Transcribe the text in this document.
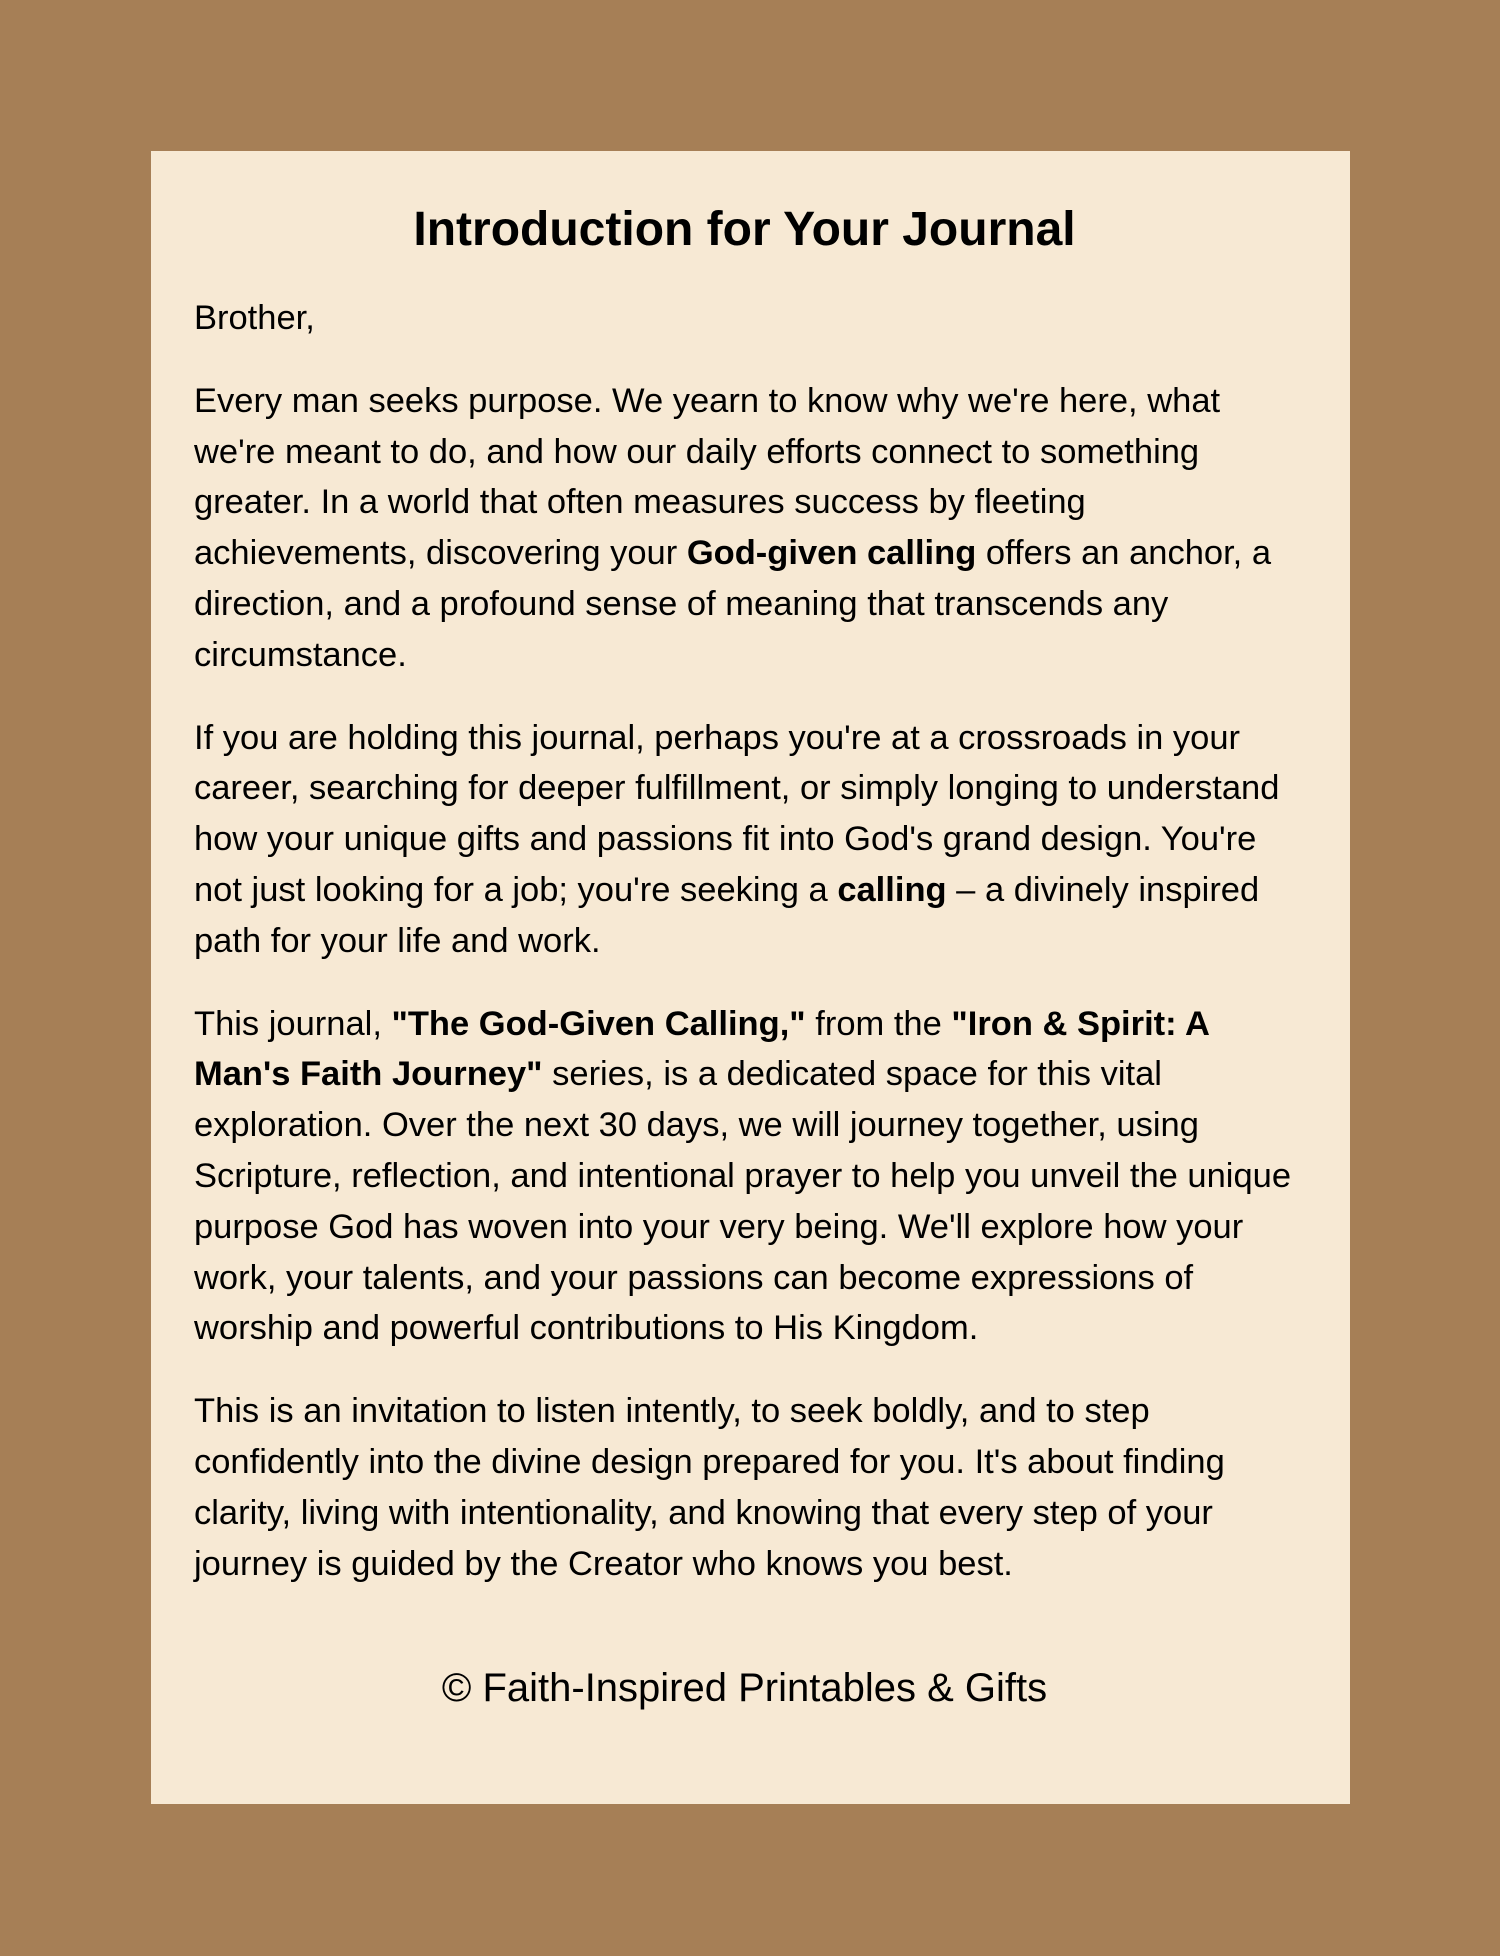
Introduction for Your Journal

Brother,

Every man seeks purpose. We yearn to know why we're here, what we're meant to do, and how our daily efforts connect to something greater. In a world that often measures success by fleeting achievements, discovering your God-given calling offers an anchor, a direction, and a profound sense of meaning that transcends any circumstance.

If you are holding this journal, perhaps you're at a crossroads in your career, searching for deeper fulfillment, or simply longing to understand how your unique gifts and passions fit into God's grand design. You're not just looking for a job; you're seeking a calling – a divinely inspired path for your life and work.

This journal, "The God-Given Calling," from the "Iron & Spirit: A Man's Faith Journey" series, is a dedicated space for this vital exploration. Over the next 30 days, we will journey together, using Scripture, reflection, and intentional prayer to help you unveil the unique purpose God has woven into your very being. We'll explore how your work, your talents, and your passions can become expressions of worship and powerful contributions to His Kingdom.

This is an invitation to listen intently, to seek boldly, and to step confidently into the divine design prepared for you. It's about finding clarity, living with intentionality, and knowing that every step of your journey is guided by the Creator who knows you best.

© Faith-Inspired Printables & Gifts
